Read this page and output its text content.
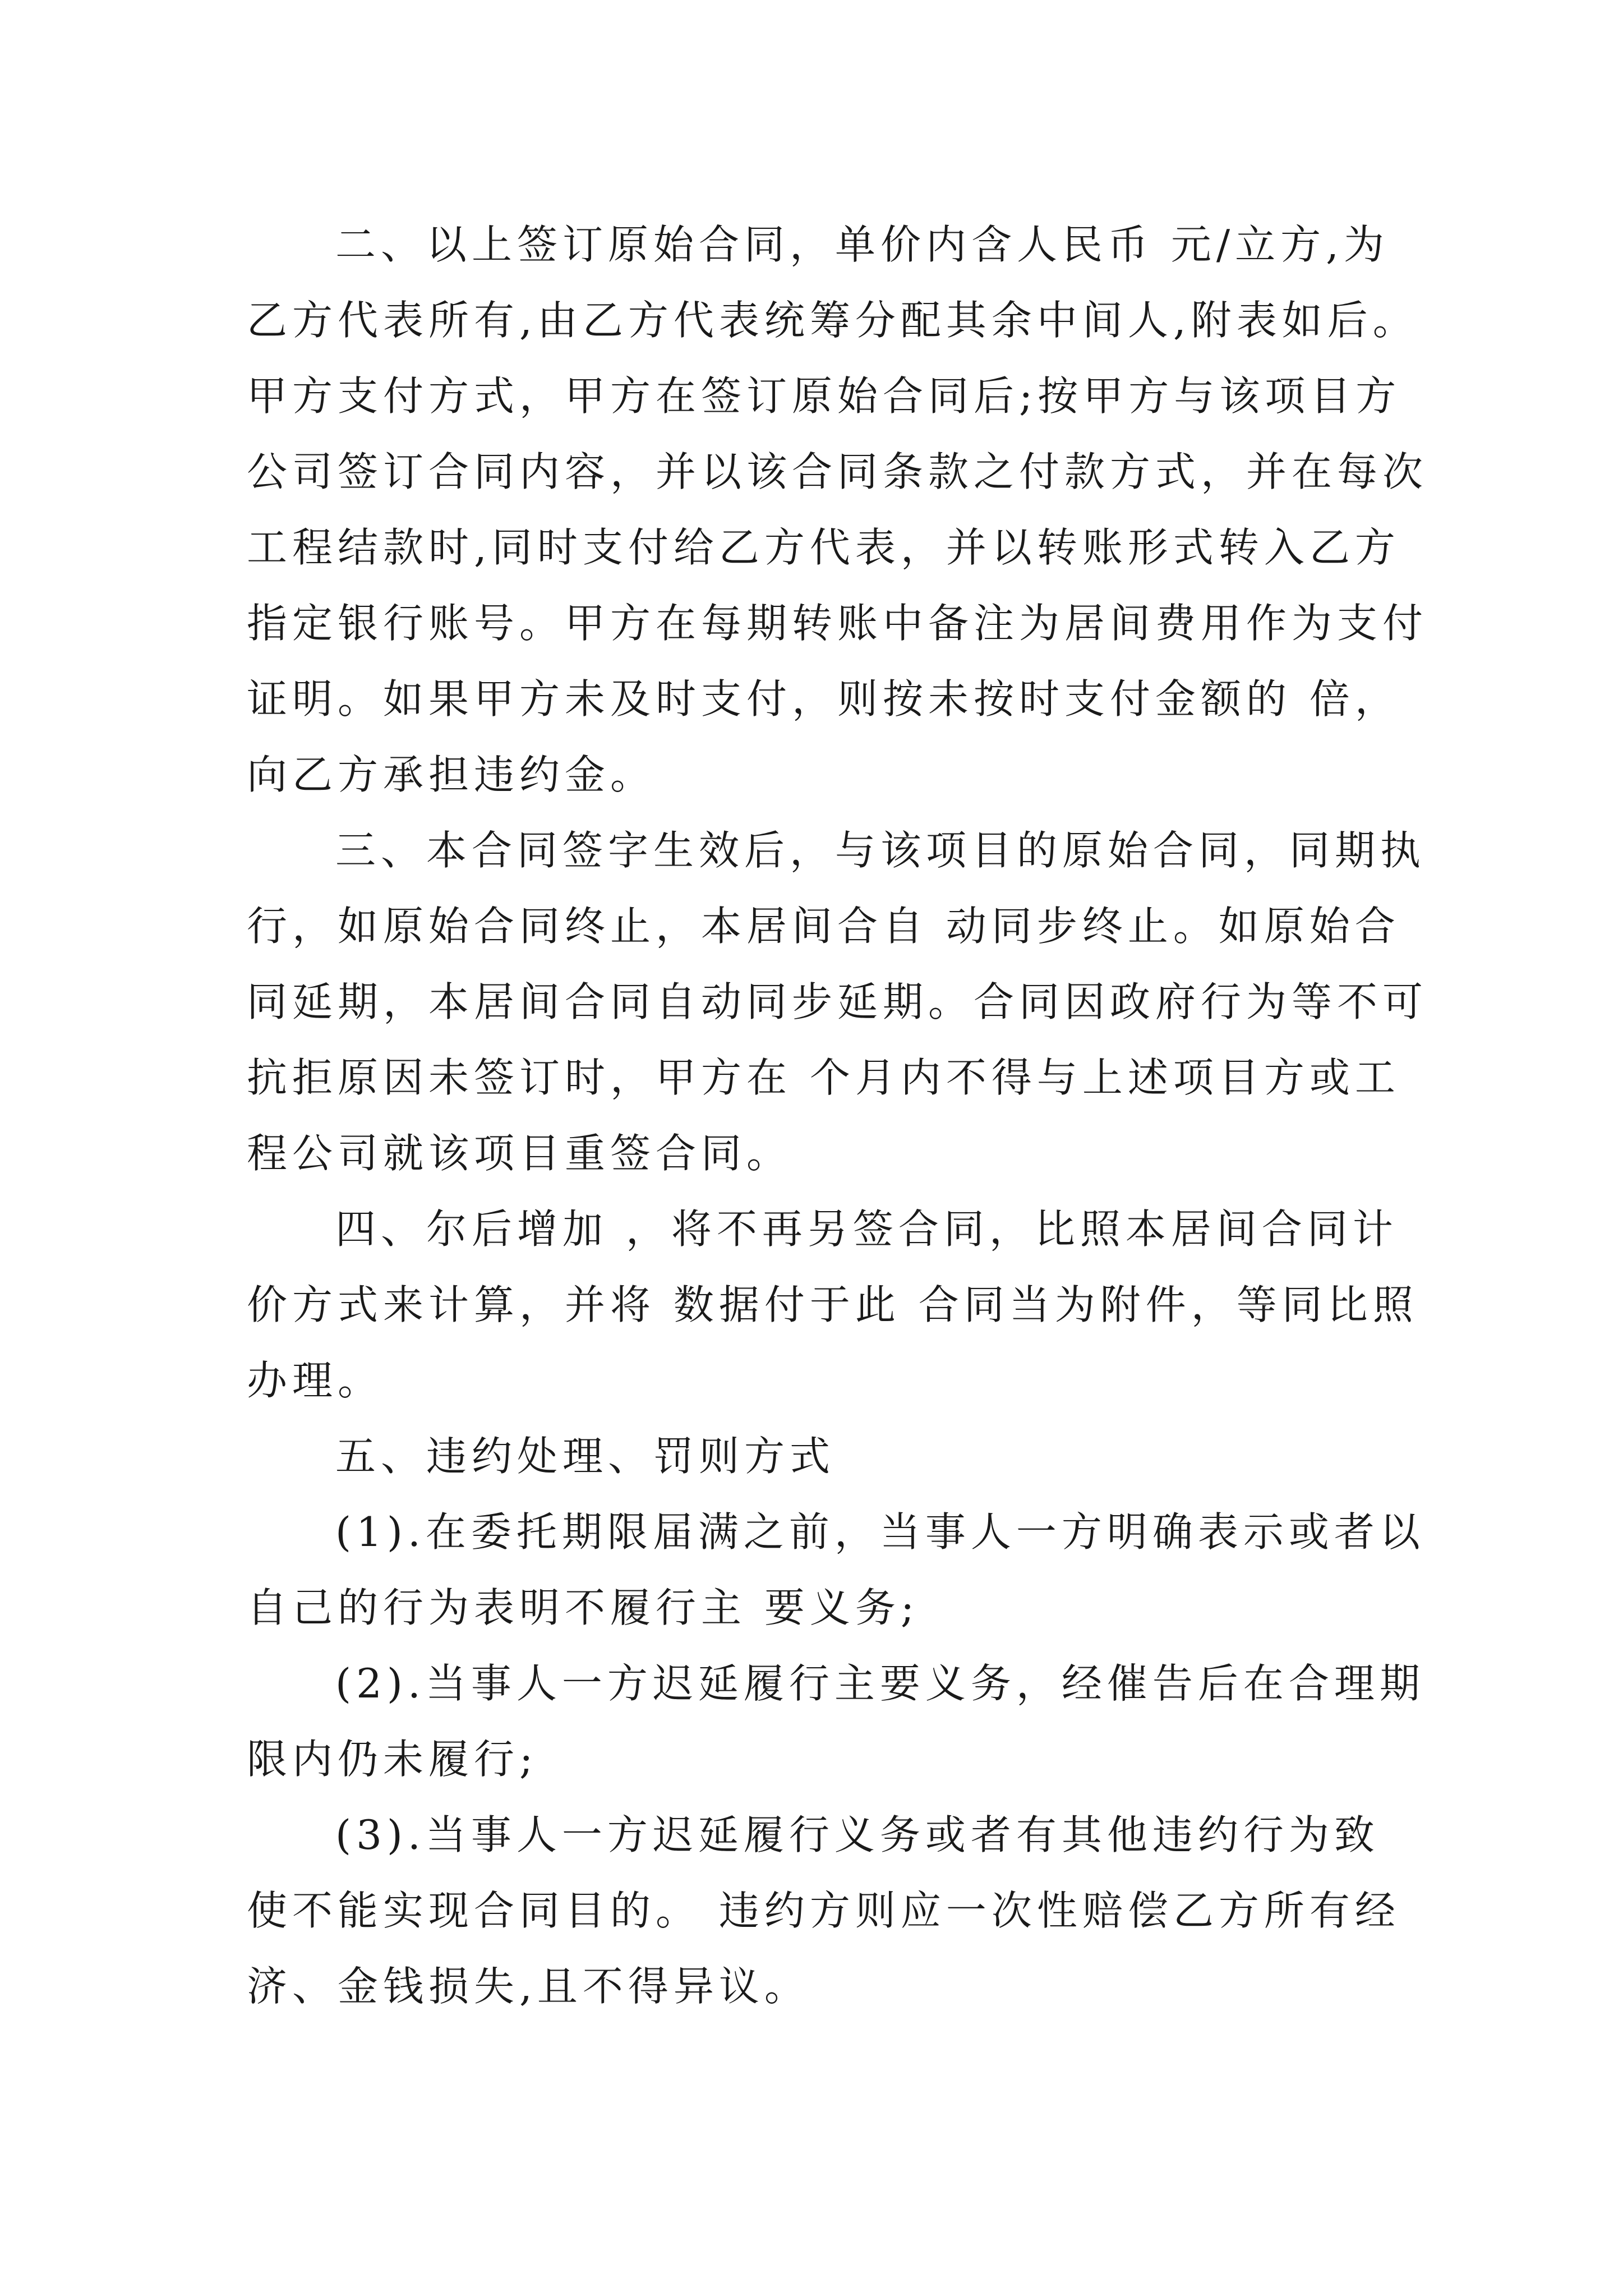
二、以上签订原始合同，单价内含人民币 元/立方,为

乙方代表所有,由乙方代表统筹分配其余中间人,附表如后。

甲方支付方式，甲方在签订原始合同后;按甲方与该项目方

公司签订合同内容，并以该合同条款之付款方式，并在每次

工程结款时,同时支付给乙方代表，并以转账形式转入乙方

指定银行账号。甲方在每期转账中备注为居间费用作为支付

证明。如果甲方未及时支付，则按未按时支付金额的 倍，

向乙方承担违约金。

三、本合同签字生效后，与该项目的原始合同，同期执

行，如原始合同终止，本居间合自 动同步终止。如原始合

同延期，本居间合同自动同步延期。合同因政府行为等不可

抗拒原因未签订时，甲方在 个月内不得与上述项目方或工

程公司就该项目重签合同。

四、尔后增加 ，将不再另签合同，比照本居间合同计

价方式来计算，并将 数据付于此 合同当为附件，等同比照

办理。

五、违约处理、罚则方式

(1).在委托期限届满之前，当事人一方明确表示或者以

自己的行为表明不履行主 要义务;

(2).当事人一方迟延履行主要义务，经催告后在合理期

限内仍未履行;

(3).当事人一方迟延履行义务或者有其他违约行为致

使不能实现合同目的。 违约方则应一次性赔偿乙方所有经

济、金钱损失,且不得异议。
